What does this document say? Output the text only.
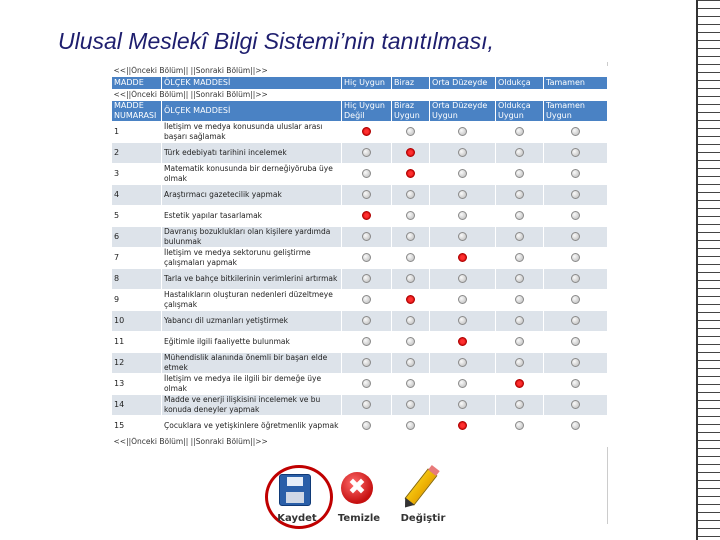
Ulusal Meslekî Bilgi Sistemi’nin tanıtılması,
<<||Önceki Bölüm|| ||Sonraki Bölüm||>>						
MADDE	ÖLÇEK MADDESİ	Hiç Uygun	Biraz	Orta Düzeyde	Oldukça	Tamamen
<<||Önceki Bölüm|| ||Sonraki Bölüm||>>						
MADDE NUMARASI	ÖLÇEK MADDESİ	Hiç Uygun Değil	Biraz Uygun	Orta Düzeyde Uygun	Oldukça Uygun	Tamamen Uygun
1	İletişim ve medya konusunda uluslar arası başarı sağlamak					
2	Türk edebiyatı tarihini incelemek					
3	Matematik konusunda bir derneğiyöruba üye olmak					
4	Araştırmacı gazetecilik yapmak					
5	Estetik yapılar tasarlamak					
6	Davranış bozuklukları olan kişilere yardımda bulunmak					
7	İletişim ve medya sektorunu geliştirme çalışmaları yapmak					
8	Tarla ve bahçe bitkilerinin verimlerini artırmak					
9	Hastalıkların oluşturan nedenleri düzeltmeye çalışmak					
10	Yabancı dil uzmanları yetiştirmek					
11	Eğitimle ilgili faaliyette bulunmak					
12	Mühendislik alanında önemli bir başarı elde etmek					
13	İletişim ve medya ile ilgili bir demeğe üye olmak					
14	Madde ve enerji ilişkisini incelemek ve bu konuda deneyler yapmak					
15	Çocuklara ve yetişkinlere öğretmenlik yapmak					
<<||Önceki Bölüm|| ||Sonraki Bölüm||>>						
Kaydet
✖
Temizle	Değiştir
